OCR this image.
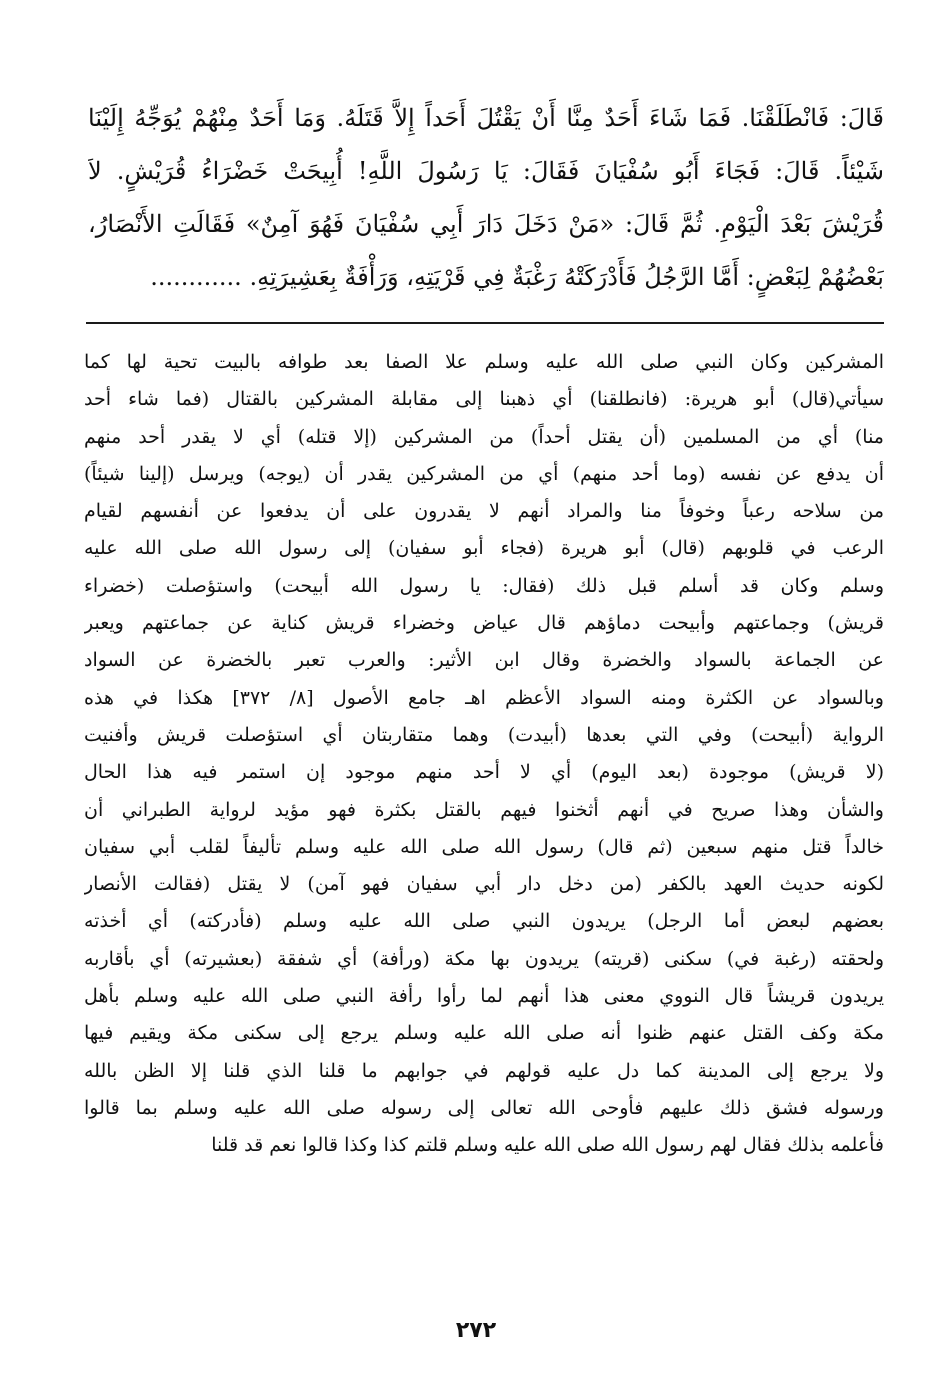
قَالَ: فَانْطَلَقْنَا. فَمَا شَاءَ أَحَدٌ مِنَّا أَنْ يَقْتُلَ أَحَداً إِلاَّ قَتَلَهُ. وَمَا أَحَدٌ مِنْهُمْ يُوَجِّهُ إِلَيْنَا
شَيْئاً. قَالَ: فَجَاءَ أَبُو سُفْيَانَ فَقَالَ: يَا رَسُولَ اللَّهِ! أُبِيحَتْ خَضْرَاءُ قُرَيْشٍ. لاَ
قُرَيْشَ بَعْدَ الْيَوْمِ. ثُمَّ قَالَ: «مَنْ دَخَلَ دَارَ أَبِي سُفْيَانَ فَهُوَ آمِنٌ» فَقَالَتِ الأَنْصَارُ،
بَعْضُهُمْ لِبَعْضٍ: أَمَّا الرَّجُلُ فَأَدْرَكَتْهُ رَغْبَةٌ فِي قَرْيَتِهِ، وَرَأْفَةٌ بِعَشِيرَتِهِ. ............
المشركين وكان النبي صلى الله عليه وسلم علا الصفا بعد طوافه بالبيت تحية لها كما
سيأتي(قال) أبو هريرة: (فانطلقنا) أي ذهبنا إلى مقابلة المشركين بالقتال (فما شاء أحد
منا) أي من المسلمين (أن يقتل أحداً) من المشركين (إلا قتله) أي لا يقدر أحد منهم
أن يدفع عن نفسه (وما أحد منهم) أي من المشركين يقدر أن (يوجه) ويرسل (إلينا شيئاً)
من سلاحه رعباً وخوفاً منا والمراد أنهم لا يقدرون على أن يدفعوا عن أنفسهم لقيام
الرعب في قلوبهم (قال) أبو هريرة (فجاء أبو سفيان) إلى رسول الله صلى الله عليه
وسلم وكان قد أسلم قبل ذلك (فقال: يا رسول الله أبيحت) واستؤصلت (خضراء
قريش) وجماعتهم وأبيحت دماؤهم قال عياض وخضراء قريش كناية عن جماعتهم ويعبر
عن الجماعة بالسواد والخضرة وقال ابن الأثير: والعرب تعبر بالخضرة عن السواد
وبالسواد عن الكثرة ومنه السواد الأعظم اهـ جامع الأصول [٨/ ٣٧٢] هكذا في هذه
الرواية (أبيحت) وفي التي بعدها (أبيدت) وهما متقاربتان أي استؤصلت قريش وأفنيت
(لا قريش) موجودة (بعد اليوم) أي لا أحد منهم موجود إن استمر فيه هذا الحال
والشأن وهذا صريح في أنهم أثخنوا فيهم بالقتل بكثرة فهو مؤيد لرواية الطبراني أن
خالداً قتل منهم سبعين (ثم قال) رسول الله صلى الله عليه وسلم تأليفاً لقلب أبي سفيان
لكونه حديث العهد بالكفر (من دخل دار أبي سفيان فهو آمن) لا يقتل (فقالت الأنصار
بعضهم لبعض أما الرجل) يريدون النبي صلى الله عليه وسلم (فأدركته) أي أخذته
ولحقته (رغبة في) سكنى (قريته) يريدون بها مكة (ورأفة) أي شفقة (بعشيرته) أي بأقاربه
يريدون قريشاً قال النووي معنى هذا أنهم لما رأوا رأفة النبي صلى الله عليه وسلم بأهل
مكة وكف القتل عنهم ظنوا أنه صلى الله عليه وسلم يرجع إلى سكنى مكة ويقيم فيها
ولا يرجع إلى المدينة كما دل عليه قولهم في جوابهم ما قلنا الذي قلنا إلا الظن بالله
ورسوله فشق ذلك عليهم فأوحى الله تعالى إلى رسوله صلى الله عليه وسلم بما قالوا
فأعلمه بذلك فقال لهم رسول الله صلى الله عليه وسلم قلتم كذا وكذا قالوا نعم قد قلنا
٢٧٢
